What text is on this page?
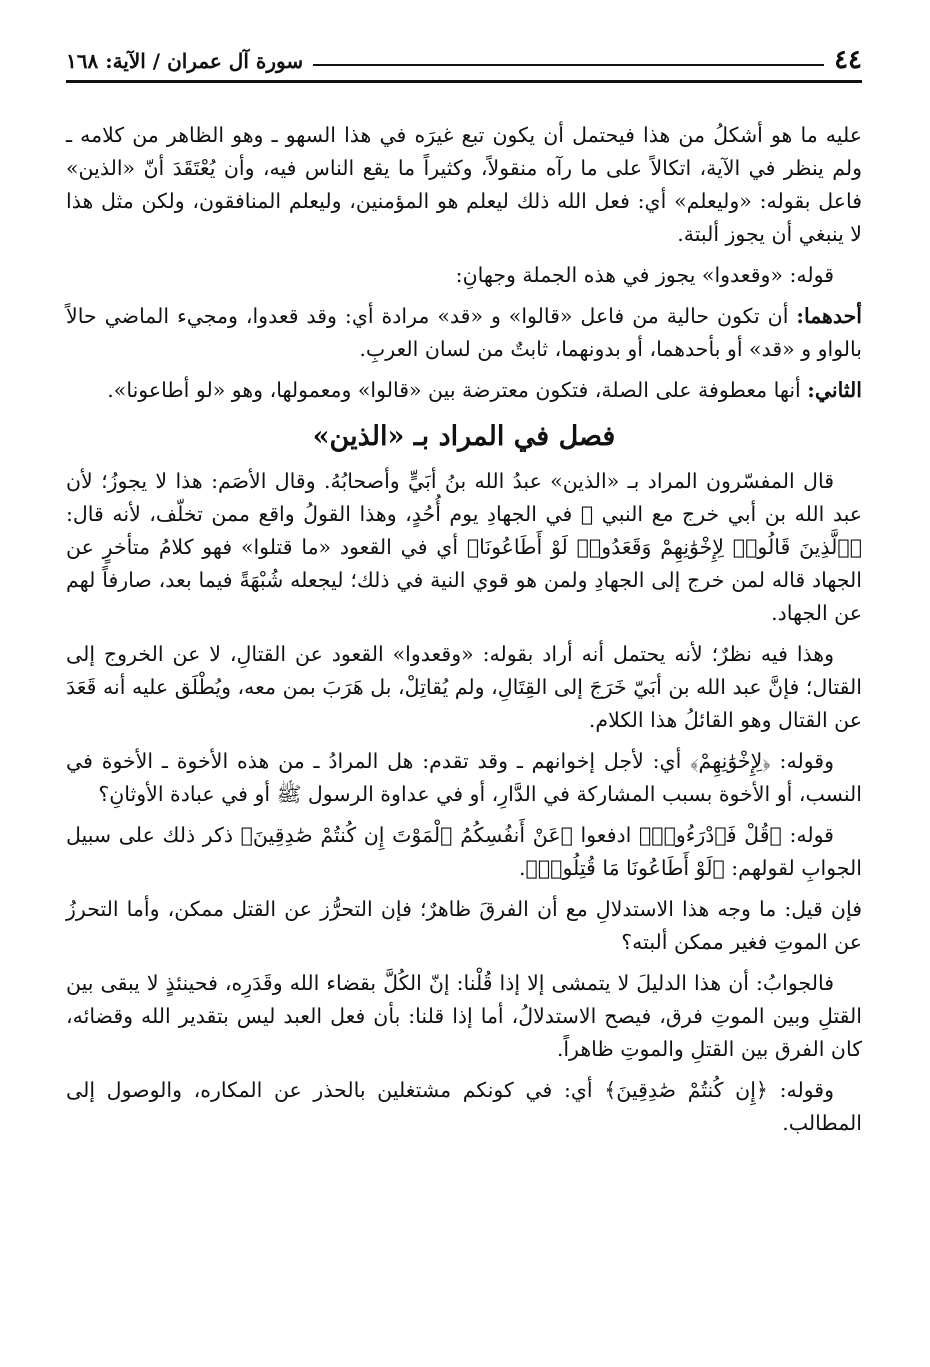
٤٤
سورة آل عمران / الآية: ١٦٨

عليه ما هو أشكلُ من هذا فيحتمل أن يكون تبع غيرَه في هذا السهو ـ وهو الظاهر من كلامه ـ ولم ينظر في الآية، اتكالاً على ما رآه منقولاً، وكثيراً ما يقع الناس فيه، وأن يُعْتَقَدَ أنّ «الذين» فاعل بقوله: «وليعلم» أي: فعل الله ذلك ليعلم هو المؤمنين، وليعلم المنافقون، ولكن مثل هذا لا ينبغي أن يجوز ألبتة.

قوله: «وقعدوا» يجوز في هذه الجملة وجهانِ:

أحدهما: أن تكون حالية من فاعل «قالوا» و «قد» مرادة أي: وقد قعدوا، ومجيء الماضي حالاً بالواو و «قد» أو بأحدهما، أو بدونهما، ثابتٌ من لسان العربِ.

الثاني: أنها معطوفة على الصلة، فتكون معترضة بين «قالوا» ومعمولها، وهو «لو أطاعونا».

فصل في المراد بـ «الذين»

قال المفسّرون المراد بـ «الذين» عبدُ الله بنُ أبَيٍّ وأصحابُهُ. وقال الأصَم: هذا لا يجوزُ؛ لأن عبد الله بن أبي خرج مع النبي ﷺ في الجهادِ يوم أُحُدٍ، وهذا القولُ واقع ممن تخلّف، لأنه قال: ﴿ٱلَّذِينَ قَالُوا۟ لِإِخْوَٰنِهِمْ وَقَعَدُوا۟ لَوْ أَطَاعُونَا﴾ أي في القعود «ما قتلوا» فهو كلامُ متأخرٍ عن الجهاد قاله لمن خرج إلى الجهادِ ولمن هو قوي النية في ذلك؛ ليجعله شُبْهَةً فيما بعد، صارفاً لهم عن الجهاد.

وهذا فيه نظرٌ؛ لأنه يحتمل أنه أراد بقوله: «وقعدوا» القعود عن القتالِ، لا عن الخروج إلى القتال؛ فإنَّ عبد الله بن أبَيّ خَرَجَ إلى القِتَالِ، ولم يُقاتِلْ، بل هَرَبَ بمن معه، ويُطْلَق عليه أنه قَعَدَ عن القتال وهو القائلُ هذا الكلام.

وقوله: ﴿لِإِخْوَٰنِهِمْ﴾ أي: لأجل إخوانهم ـ وقد تقدم: هل المرادُ ـ من هذه الأخوة ـ الأخوة في النسب، أو الأخوة بسبب المشاركة في الدَّارِ، أو في عداوة الرسول ﷺ أو في عبادة الأوثانِ؟

قوله: ﴿قُلْ فَٱدْرَءُوا۟﴾ ادفعوا ﴿عَنْ أَنفُسِكُمُ ٱلْمَوْتَ إِن كُنتُمْ صَٰدِقِينَ﴾ ذكر ذلك على سبيل الجوابِ لقولهم: ﴿لَوْ أَطَاعُونَا مَا قُتِلُوا۟﴾.

فإن قيل: ما وجه هذا الاستدلالِ مع أن الفرقَ ظاهرٌ؛ فإن التحرُّز عن القتل ممكن، وأما التحرزُ عن الموتِ فغير ممكن ألبته؟

فالجوابُ: أن هذا الدليلَ لا يتمشى إلا إذا قُلْنا: إنّ الكُلَّ بقضاء الله وقَدَرِه، فحينئذٍ لا يبقى بين القتلِ وبين الموتِ فرق، فيصح الاستدلالُ، أما إذا قلنا: بأن فعل العبد ليس بتقدير الله وقضائه، كان الفرق بين القتلِ والموتِ ظاهراً.

وقوله: ﴿إِن كُنتُمْ صَٰدِقِينَ﴾ أي: في كونكم مشتغلين بالحذر عن المكاره، والوصول إلى المطالب.
